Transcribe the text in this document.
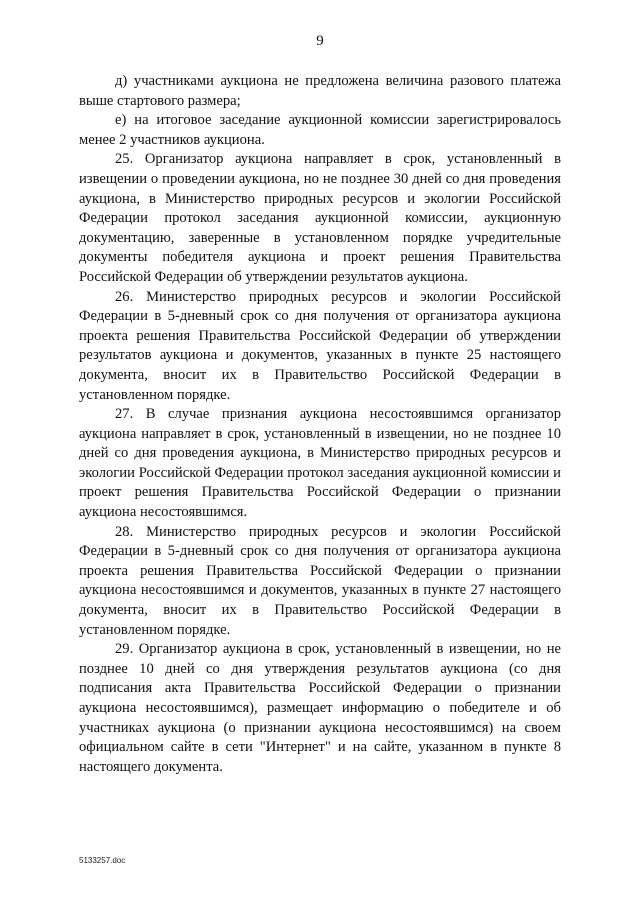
9

д) участниками аукциона не предложена величина разового платежа выше стартового размера;

е) на итоговое заседание аукционной комиссии зарегистрировалось менее 2 участников аукциона.

25. Организатор аукциона направляет в срок, установленный в извещении о проведении аукциона, но не позднее 30 дней со дня проведения аукциона, в Министерство природных ресурсов и экологии Российской Федерации протокол заседания аукционной комиссии, аукционную документацию, заверенные в установленном порядке учредительные документы победителя аукциона и проект решения Правительства Российской Федерации об утверждении результатов аукциона.

26. Министерство природных ресурсов и экологии Российской Федерации в 5-дневный срок со дня получения от организатора аукциона проекта решения Правительства Российской Федерации об утверждении результатов аукциона и документов, указанных в пункте 25 настоящего документа, вносит их в Правительство Российской Федерации в установленном порядке.

27. В случае признания аукциона несостоявшимся организатор аукциона направляет в срок, установленный в извещении, но не позднее 10 дней со дня проведения аукциона, в Министерство природных ресурсов и экологии Российской Федерации протокол заседания аукционной комиссии и проект решения Правительства Российской Федерации о признании аукциона несостоявшимся.

28. Министерство природных ресурсов и экологии Российской Федерации в 5-дневный срок со дня получения от организатора аукциона проекта решения Правительства Российской Федерации о признании аукциона несостоявшимся и документов, указанных в пункте 27 настоящего документа, вносит их в Правительство Российской Федерации в установленном порядке.

29. Организатор аукциона в срок, установленный в извещении, но не позднее 10 дней со дня утверждения результатов аукциона (со дня подписания акта Правительства Российской Федерации о признании аукциона несостоявшимся), размещает информацию о победителе и об участниках аукциона (о признании аукциона несостоявшимся) на своем официальном сайте в сети "Интернет" и на сайте, указанном в пункте 8 настоящего документа.

5133257.doc
